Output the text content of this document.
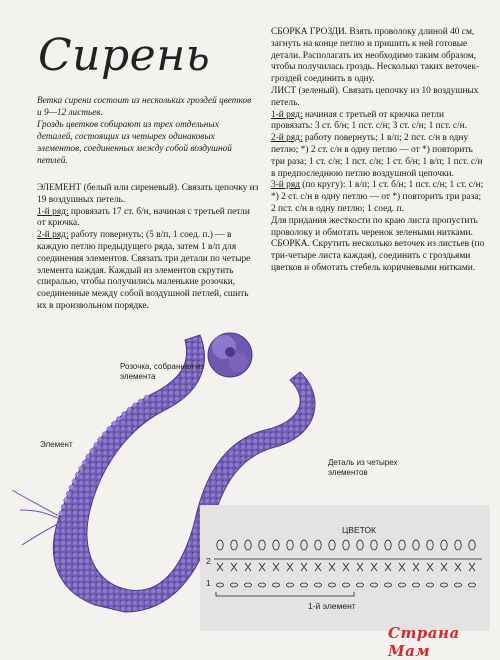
Сирень

Ветка сирени состоит из нескольких гроздей цветков и 9—12 листьев.

Гроздь цветков собирают из трех отдельных деталей, состоящих из четырех одинаковых элементов, соединенных между собой воздушной петлей.

ЭЛЕМЕНТ (белый или сиреневый). Связать цепочку из 19 воздушных петель.

1-й ряд: провязать 17 ст. б/н, начиная с третьей петли от крючка.

2-й ряд: работу повернуть; (5 в/п, 1 соед. п.) — в каждую петлю предыдущего ряда, затем 1 в/п для соединения элементов. Связать три детали по четыре элемента каждая. Каждый из элементов скрутить спиралью, чтобы получились маленькие розочки, соединенные между собой воздушной петлей, сшить их в произвольном порядке.

СБОРКА ГРОЗДИ. Взять проволоку длиной 40 см, загнуть на конце петлю и пришить к ней готовые детали. Располагать их необходимо таким образом, чтобы получилась гроздь. Несколько таких веточек-гроздей соединить в одну.

ЛИСТ (зеленый). Связать цепочку из 10 воздушных петель.

1-й ряд: начиная с третьей от крючка петли провязать: 3 ст. б/н; 1 пст. с/н; 3 ст. с/н; 1 пст. с/н.

2-й ряд: работу повернуть; 1 в/п; 2 пст. с/н в одну петлю; *) 2 ст. с/н в одну петлю — от *) повторить три раза; 1 ст. с/н; 1 пст. с/н; 1 ст. б/н; 1 в/п; 1 пст. с/н в предпоследнюю петлю воздушной цепочки.

3-й ряд (по кругу): 1 в/п; 1 ст. б/н; 1 пст. с/н; 1 ст. с/н; *) 2 ст. с/н в одну петлю — от *) повторить три раза; 2 пст. с/н в одну петлю; 1 соед. п.

Для придания жесткости по краю листа пропустить проволоку и обмотать черенок зелеными нитками.

СБОРКА. Скрутить несколько веточек из листьев (по три-четыре листа каждая), соединить с гроздьями цветков и обмотать стебель коричневыми нитками.

Розочка, собранная из элемента
Элемент
Деталь из четырех элементов
ЦВЕТОК
2
1
1-й элемент
Страна Мам
